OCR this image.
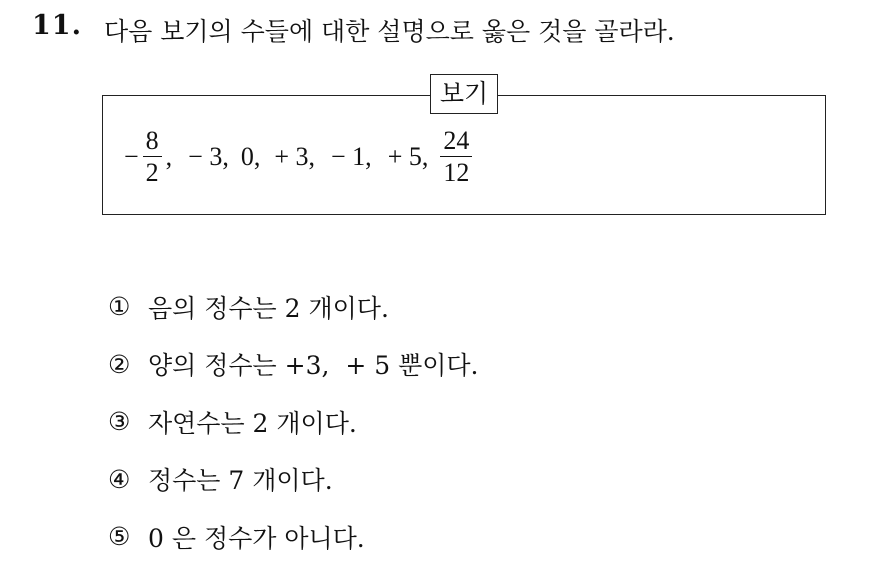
11. 다음 보기의 수들에 대한 설명으로 옳은 것을 골라라.
보기
− $\frac{8}{2}$ , − 3, 0, + 3, − 1, + 5, $\frac{24}{12}$
① 음의 정수는 2 개이다.
② 양의 정수는 +3,  + 5 뿐이다.
③ 자연수는 2 개이다.
④ 정수는 7 개이다.
⑤ 0 은 정수가 아니다.
